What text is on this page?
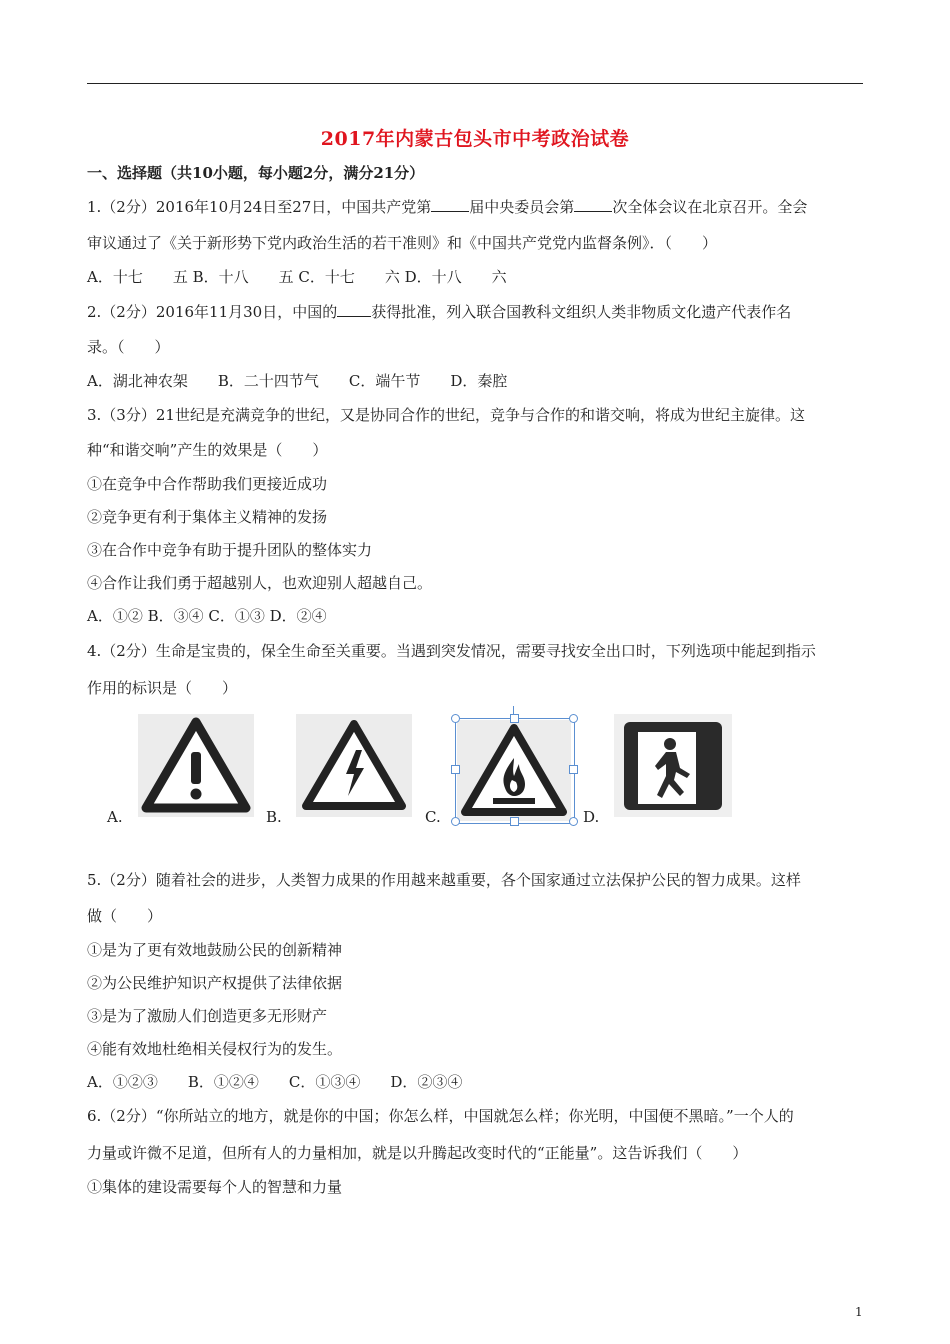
2017年内蒙古包头市中考政治试卷
一、选择题（共10小题，每小题2分，满分21分）
1.（2分）2016年10月24日至27日，中国共产党第	届中央委员会第	次全体会议在北京召开。全会
审议通过了《关于新形势下党内政治生活的若干准则》和《中国共产党党内监督条例》．（　　）
A．十七　　五 B．十八　　五 C．十七　　六 D．十八　　六
2.（2分）2016年11月30日，中国的 获得批准，列入联合国教科文组织人类非物质文化遗产代表作名
录。（　　）
A．湖北神农架　　B．二十四节气　　C．端午节　　D．秦腔
3.（3分）21世纪是充满竞争的世纪，又是协同合作的世纪，竞争与合作的和谐交响，将成为世纪主旋律。这
种“和谐交响”产生的效果是（　　）
①在竞争中合作帮助我们更接近成功
②竞争更有利于集体主义精神的发扬
③在合作中竞争有助于提升团队的整体实力
④合作让我们勇于超越别人，也欢迎别人超越自己。
A．①② B．③④ C．①③ D．②④
4.（2分）生命是宝贵的，保全生命至关重要。当遇到突发情况，需要寻找安全出口时，下列选项中能起到指示
作用的标识是（　　）
A.	B.	C.	D.
5.（2分）随着社会的进步，人类智力成果的作用越来越重要，各个国家通过立法保护公民的智力成果。这样
做（　　）
①是为了更有效地鼓励公民的创新精神
②为公民维护知识产权提供了法律依据
③是为了激励人们创造更多无形财产
④能有效地杜绝相关侵权行为的发生。
A．①②③　　B．①②④　　C．①③④　　D．②③④
6.（2分）“你所站立的地方，就是你的中国；你怎么样，中国就怎么样；你光明，中国便不黑暗。”一个人的
力量或许微不足道，但所有人的力量相加，就是以升腾起改变时代的“正能量”。这告诉我们（　　）
①集体的建设需要每个人的智慧和力量
1
